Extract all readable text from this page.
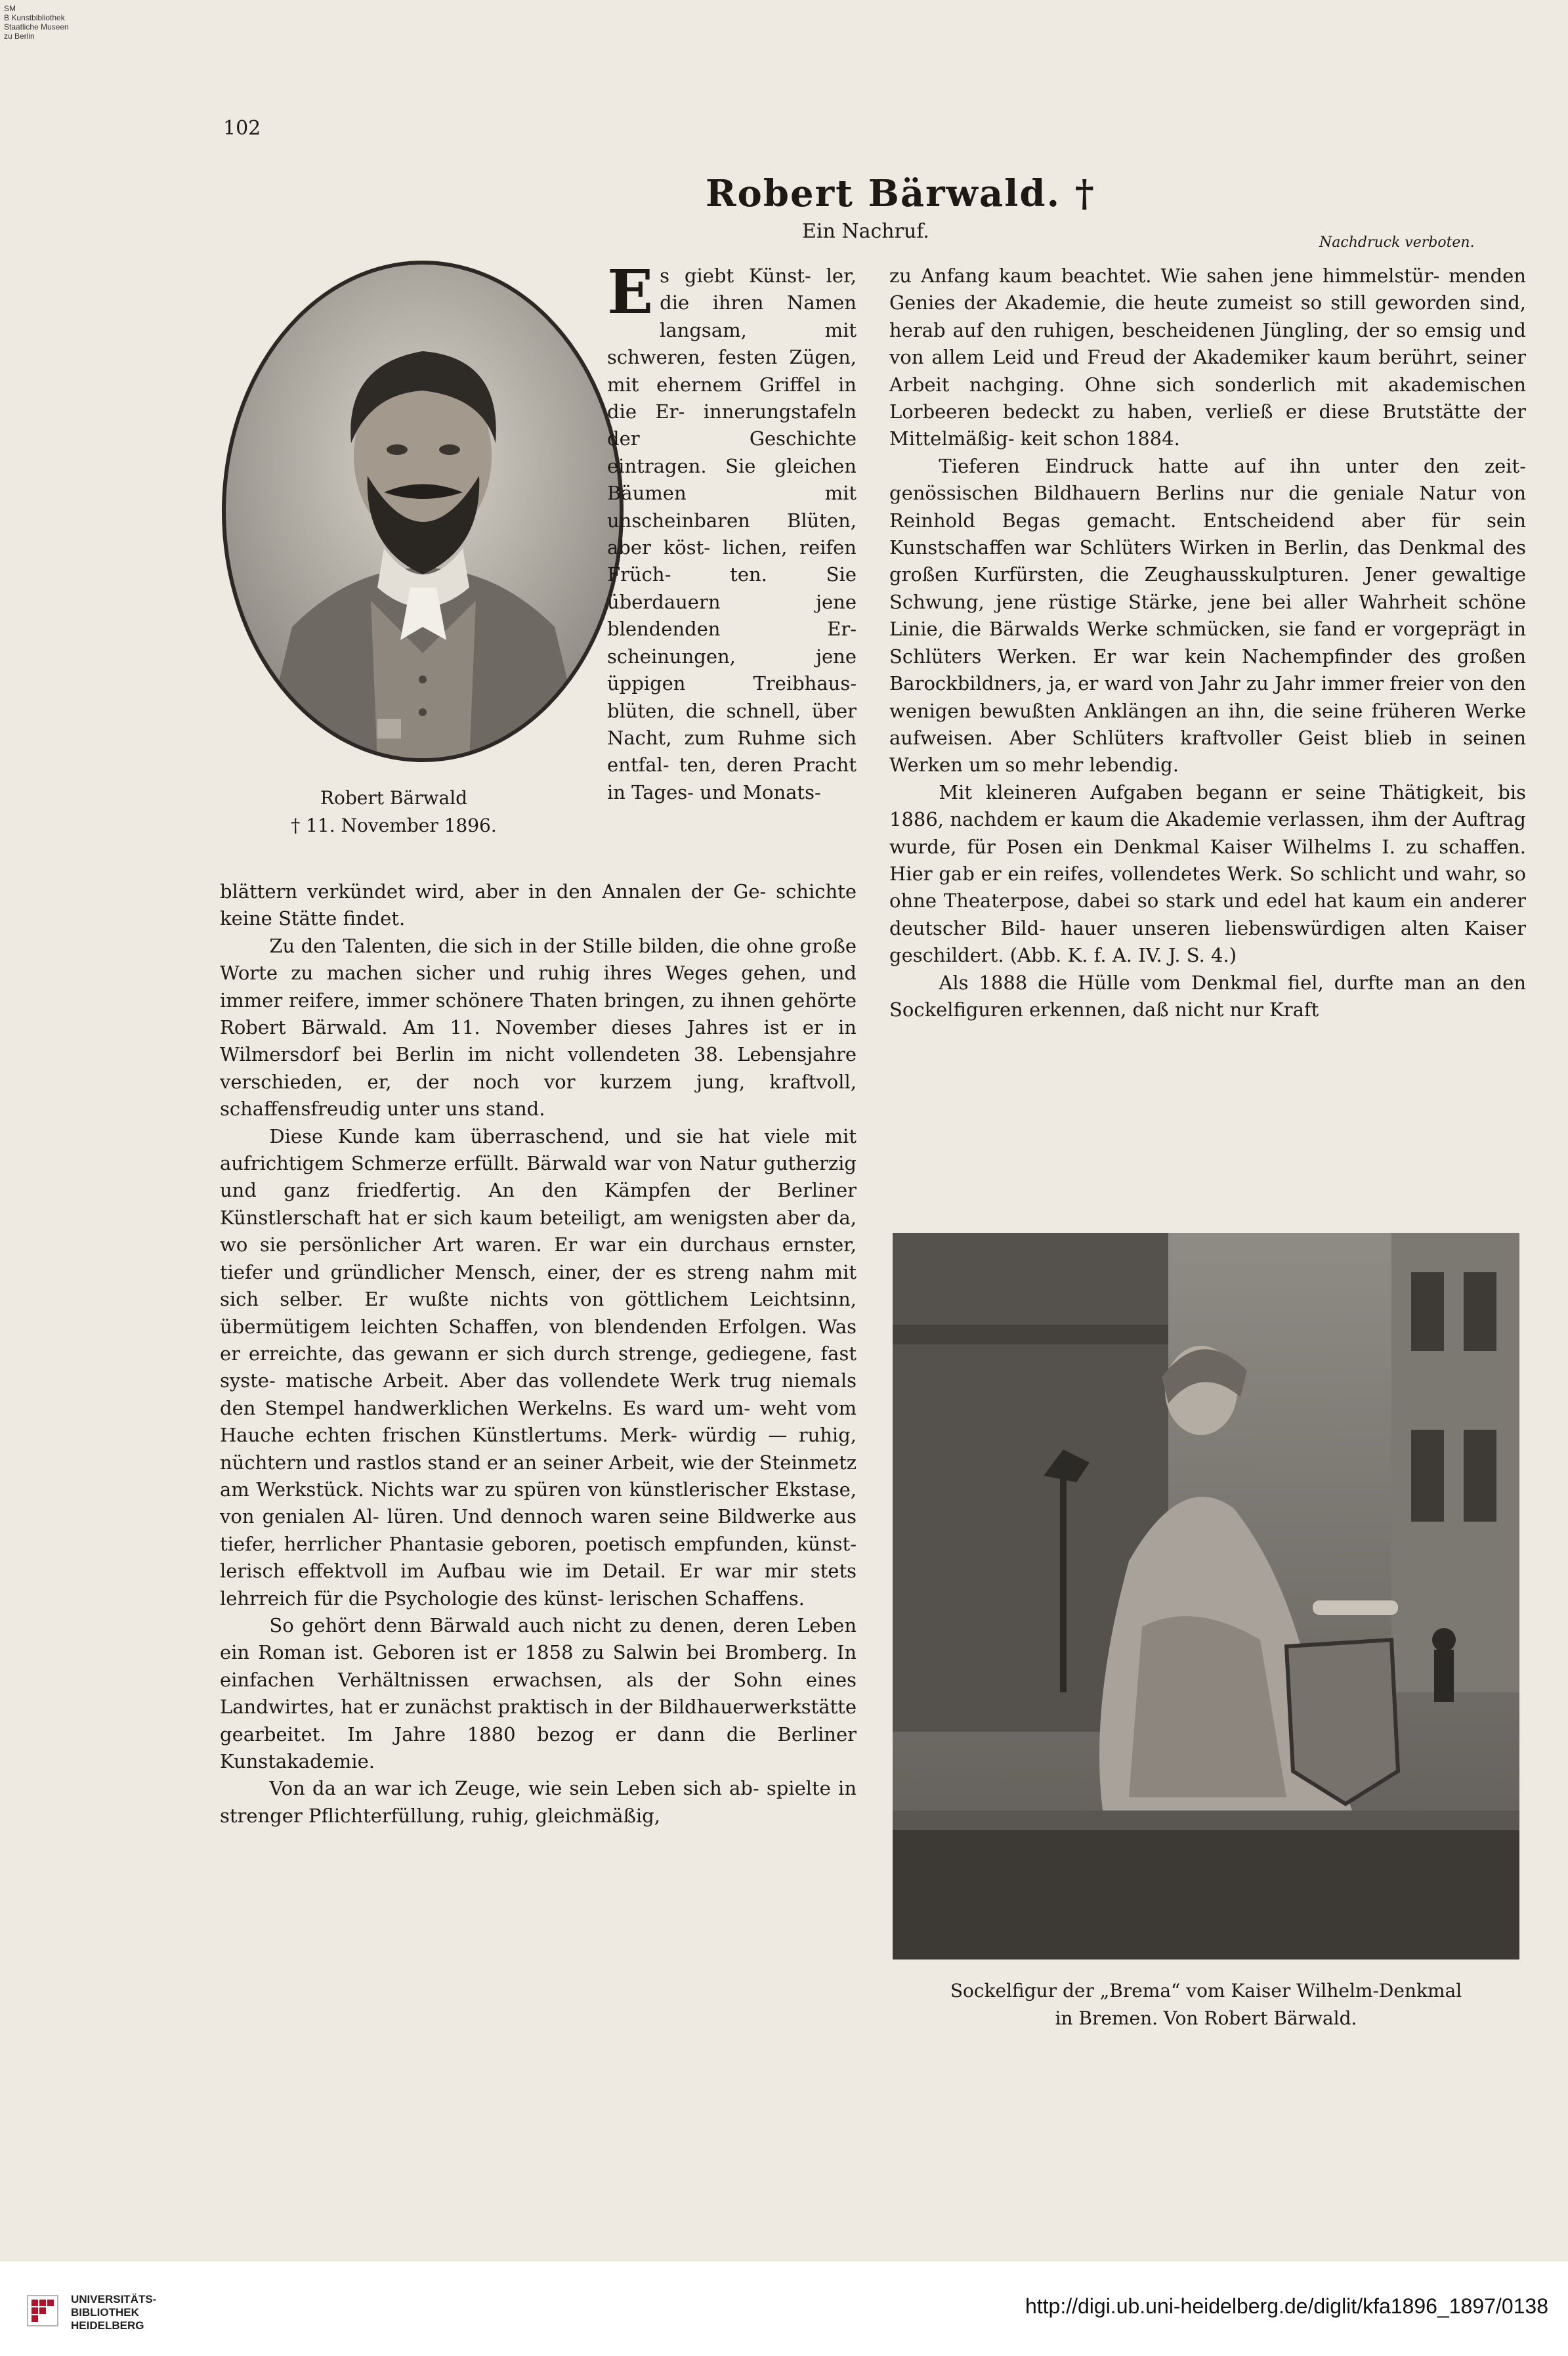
SM
B Kunstbibliothek
Staatliche Museen
zu Berlin
102
Robert Bärwald. †
Ein Nachruf.	Nachdruck verboten.
Robert Bärwald
† 11. November 1896.

Es giebt Künst- ler, die ihren Namen langsam, mit schweren, festen Zügen, mit ehernem Griffel in die Er- innerungstafeln der Geschichte eintragen. Sie gleichen Bäumen mit unscheinbaren Blüten, aber köst- lichen, reifen Früch- ten. Sie überdauern jene blendenden Er- scheinungen, jene üppigen Treibhaus- blüten, die schnell, über Nacht, zum Ruhme sich entfal- ten, deren Pracht in Tages- und Monats-

blättern verkündet wird, aber in den Annalen der Ge- schichte keine Stätte findet.

Zu den Talenten, die sich in der Stille bilden, die ohne große Worte zu machen sicher und ruhig ihres Weges gehen, und immer reifere, immer schönere Thaten bringen, zu ihnen gehörte Robert Bärwald. Am 11. November dieses Jahres ist er in Wilmersdorf bei Berlin im nicht vollendeten 38. Lebensjahre verschieden, er, der noch vor kurzem jung, kraftvoll, schaffensfreudig unter uns stand.

Diese Kunde kam überraschend, und sie hat viele mit aufrichtigem Schmerze erfüllt. Bärwald war von Natur gutherzig und ganz friedfertig. An den Kämpfen der Berliner Künstlerschaft hat er sich kaum beteiligt, am wenigsten aber da, wo sie persönlicher Art waren. Er war ein durchaus ernster, tiefer und gründlicher Mensch, einer, der es streng nahm mit sich selber. Er wußte nichts von göttlichem Leichtsinn, übermütigem leichten Schaffen, von blendenden Erfolgen. Was er erreichte, das gewann er sich durch strenge, gediegene, fast syste- matische Arbeit. Aber das vollendete Werk trug niemals den Stempel handwerklichen Werkelns. Es ward um- weht vom Hauche echten frischen Künstlertums. Merk- würdig — ruhig, nüchtern und rastlos stand er an seiner Arbeit, wie der Steinmetz am Werkstück. Nichts war zu spüren von künstlerischer Ekstase, von genialen Al- lüren. Und dennoch waren seine Bildwerke aus tiefer, herrlicher Phantasie geboren, poetisch empfunden, künst- lerisch effektvoll im Aufbau wie im Detail. Er war mir stets lehrreich für die Psychologie des künst- lerischen Schaffens.

So gehört denn Bärwald auch nicht zu denen, deren Leben ein Roman ist. Geboren ist er 1858 zu Salwin bei Bromberg. In einfachen Verhältnissen erwachsen, als der Sohn eines Landwirtes, hat er zunächst praktisch in der Bildhauerwerkstätte gearbeitet. Im Jahre 1880 bezog er dann die Berliner Kunstakademie.

Von da an war ich Zeuge, wie sein Leben sich ab- spielte in strenger Pflichterfüllung, ruhig, gleichmäßig,

zu Anfang kaum beachtet. Wie sahen jene himmelstür- menden Genies der Akademie, die heute zumeist so still geworden sind, herab auf den ruhigen, bescheidenen Jüngling, der so emsig und von allem Leid und Freud der Akademiker kaum berührt, seiner Arbeit nachging. Ohne sich sonderlich mit akademischen Lorbeeren bedeckt zu haben, verließ er diese Brutstätte der Mittelmäßig- keit schon 1884.

Tieferen Eindruck hatte auf ihn unter den zeit- genössischen Bildhauern Berlins nur die geniale Natur von Reinhold Begas gemacht. Entscheidend aber für sein Kunstschaffen war Schlüters Wirken in Berlin, das Denkmal des großen Kurfürsten, die Zeughausskulpturen. Jener gewaltige Schwung, jene rüstige Stärke, jene bei aller Wahrheit schöne Linie, die Bärwalds Werke schmücken, sie fand er vorgeprägt in Schlüters Werken. Er war kein Nachempfinder des großen Barockbildners, ja, er ward von Jahr zu Jahr immer freier von den wenigen bewußten Anklängen an ihn, die seine früheren Werke aufweisen. Aber Schlüters kraftvoller Geist blieb in seinen Werken um so mehr lebendig.

Mit kleineren Aufgaben begann er seine Thätigkeit, bis 1886, nachdem er kaum die Akademie verlassen, ihm der Auftrag wurde, für Posen ein Denkmal Kaiser Wilhelms I. zu schaffen. Hier gab er ein reifes, vollendetes Werk. So schlicht und wahr, so ohne Theaterpose, dabei so stark und edel hat kaum ein anderer deutscher Bild- hauer unseren liebenswürdigen alten Kaiser geschildert. (Abb. K. f. A. IV. J. S. 4.)

Als 1888 die Hülle vom Denkmal fiel, durfte man an den Sockelfiguren erkennen, daß nicht nur Kraft

Sockelfigur der „Brema“ vom Kaiser Wilhelm-Denkmal
in Bremen. Von Robert Bärwald.
UNIVERSITÄTS-
BIBLIOTHEK
HEIDELBERG
http://digi.ub.uni-heidelberg.de/diglit/kfa1896_1897/0138
